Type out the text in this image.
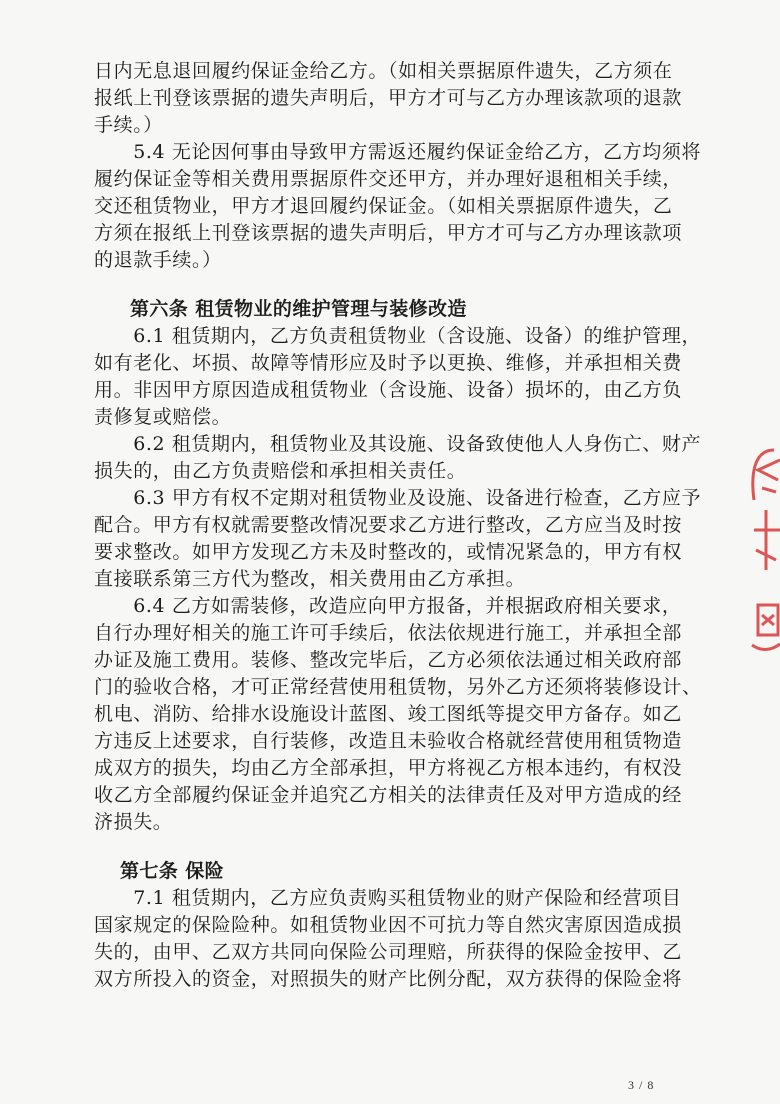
日内无息退回履约保证金给乙方。（如相关票据原件遗失，乙方须在
报纸上刊登该票据的遗失声明后，甲方才可与乙方办理该款项的退款
手续。）
　　5.4 无论因何事由导致甲方需返还履约保证金给乙方，乙方均须将
履约保证金等相关费用票据原件交还甲方，并办理好退租相关手续，
交还租赁物业，甲方才退回履约保证金。（如相关票据原件遗失，乙
方须在报纸上刊登该票据的遗失声明后，甲方才可与乙方办理该款项
的退款手续。）
第六条 租赁物业的维护管理与装修改造
　　6.1 租赁期内，乙方负责租赁物业（含设施、设备）的维护管理，
如有老化、坏损、故障等情形应及时予以更换、维修，并承担相关费
用。非因甲方原因造成租赁物业（含设施、设备）损坏的，由乙方负
责修复或赔偿。
　　6.2 租赁期内，租赁物业及其设施、设备致使他人人身伤亡、财产
损失的，由乙方负责赔偿和承担相关责任。
　　6.3 甲方有权不定期对租赁物业及设施、设备进行检查，乙方应予
配合。甲方有权就需要整改情况要求乙方进行整改，乙方应当及时按
要求整改。如甲方发现乙方未及时整改的，或情况紧急的，甲方有权
直接联系第三方代为整改，相关费用由乙方承担。
　　6.4 乙方如需装修，改造应向甲方报备，并根据政府相关要求，
自行办理好相关的施工许可手续后，依法依规进行施工，并承担全部
办证及施工费用。装修、整改完毕后，乙方必须依法通过相关政府部
门的验收合格，才可正常经营使用租赁物，另外乙方还须将装修设计、
机电、消防、给排水设施设计蓝图、竣工图纸等提交甲方备存。如乙
方违反上述要求，自行装修，改造且未验收合格就经营使用租赁物造
成双方的损失，均由乙方全部承担，甲方将视乙方根本违约，有权没
收乙方全部履约保证金并追究乙方相关的法律责任及对甲方造成的经
济损失。
第七条 保险
　　7.1 租赁期内，乙方应负责购买租赁物业的财产保险和经营项目
国家规定的保险险种。如租赁物业因不可抗力等自然灾害原因造成损
失的，由甲、乙双方共同向保险公司理赔，所获得的保险金按甲、乙
双方所投入的资金，对照损失的财产比例分配，双方获得的保险金将
3 / 8
